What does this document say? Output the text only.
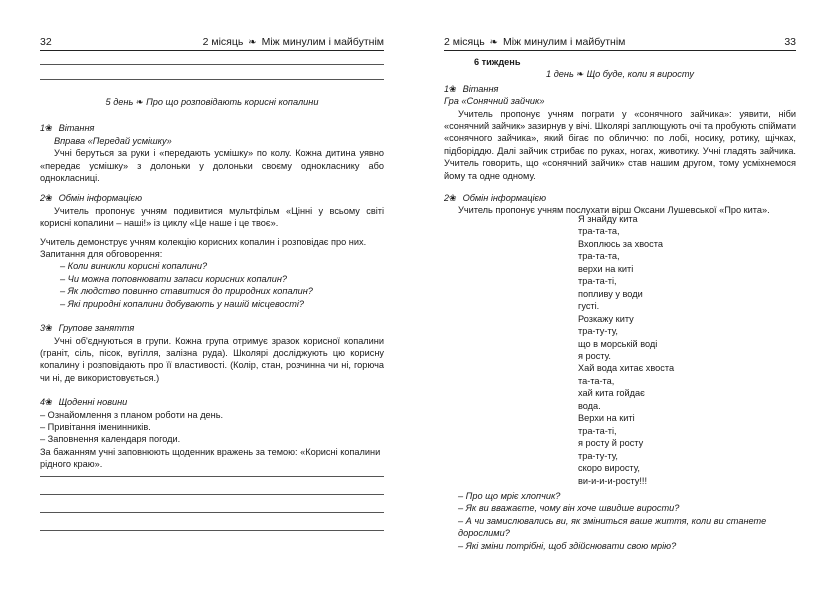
32	2 місяць ❧ Між минулим і майбутнім

5 день ❧ Про що розповідають корисні копалини

1❀ Вітання

Вправа «Передай усмішку»

Учні беруться за руки і «передають усмішку» по колу. Кожна дитина уявно «передає усмішку» з долоньки у долоньки своєму однокласнику або однокласниці.

2❀ Обмін інформацією

Учитель пропонує учням подивитися мультфільм «Цінні у всьому світі корисні копалини – наші!» із циклу «Це наше і це твоє».

Учитель демонструє учням колекцію корисних копалин і розповідає про них.

Запитання для обговорення:

– Коли виникли корисні копалини?
– Чи можна поповнювати запаси корисних копалин?
– Як людство повинно ставитися до природних копалин?
– Які природні копалини добувають у нашій місцевості?
3❀ Групове заняття

Учні об'єднуються в групи. Кожна група отримує зразок корисної копалини (граніт, сіль, пісок, вугілля, залізна руда). Школярі досліджують цю корисну копалину і розповідають про її властивості. (Колір, стан, розчинна чи ні, горюча чи ні, де використовується.)

4❀ Щоденні новини
– Ознайомлення з планом роботи на день.
– Привітання іменинників.
– Заповнення календаря погоди.

За бажанням учні заповнюють щоденник вражень за темою: «Корисні копалини рідного краю».

2 місяць ❧ Між минулим і майбутнім	33

6 тиждень

1 день ❧ Що буде, коли я виросту

1❀ Вітання

Гра «Сонячний зайчик»

Учитель пропонує учням пограти у «сонячного зайчика»: уявити, ніби «сонячний зайчик» зазирнув у вічі. Школярі заплющують очі та пробують спіймати «сонячного зайчика», який бігає по обличчю: по лобі, носику, ротику, щічках, підборіддю. Далі зайчик стрибає по руках, ногах, животику. Учні гладять зайчика. Учитель говорить, що «сонячний зайчик» став нашим другом, тому усміхнемося йому та одне одному.

2❀ Обмін інформацією

Учитель пропонує учням послухати вірш Оксани Лушевської «Про кита».

– Про що мріє хлопчик?
– Як ви вважаєте, чому він хоче швидше вирости?
– А чи замислювались ви, як зміниться ваше життя, коли ви станете дорослими?
– Які зміни потрібні, щоб здійснювати свою мрію?
Я знайду кита
тра-та-та,
Вхоплюсь за хвоста
тра-та-та,
верхи на киті
тра-та-ті,
попливу у води
густі.
Розкажу киту
тра-ту-ту,
що в морській воді
я росту.
Хай вода хитає хвоста
та-та-та,
хай кита гойдає
вода.
Верхи на киті
тра-та-ті,
я росту й росту
тра-ту-ту,
скоро виросту,
ви-и-и-и-росту!!!
